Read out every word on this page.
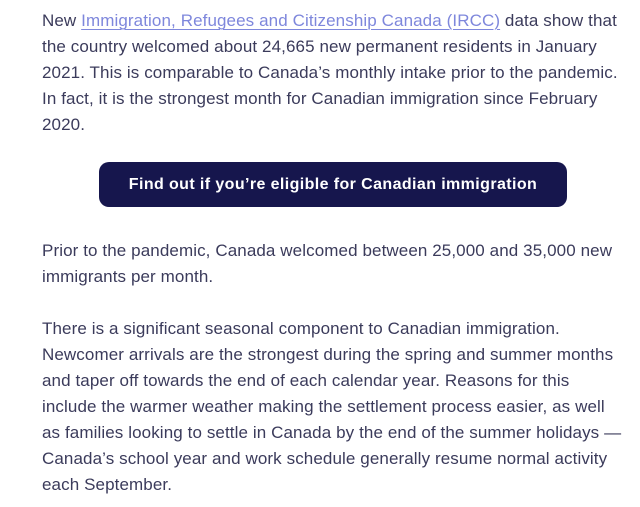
New Immigration, Refugees and Citizenship Canada (IRCC) data show that the country welcomed about 24,665 new permanent residents in January 2021. This is comparable to Canada’s monthly intake prior to the pandemic. In fact, it is the strongest month for Canadian immigration since February 2020.

Find out if you’re eligible for Canadian immigration

Prior to the pandemic, Canada welcomed between 25,000 and 35,000 new immigrants per month.

There is a significant seasonal component to Canadian immigration. Newcomer arrivals are the strongest during the spring and summer months and taper off towards the end of each calendar year. Reasons for this include the warmer weather making the settlement process easier, as well as families looking to settle in Canada by the end of the summer holidays — Canada’s school year and work schedule generally resume normal activity each September.
